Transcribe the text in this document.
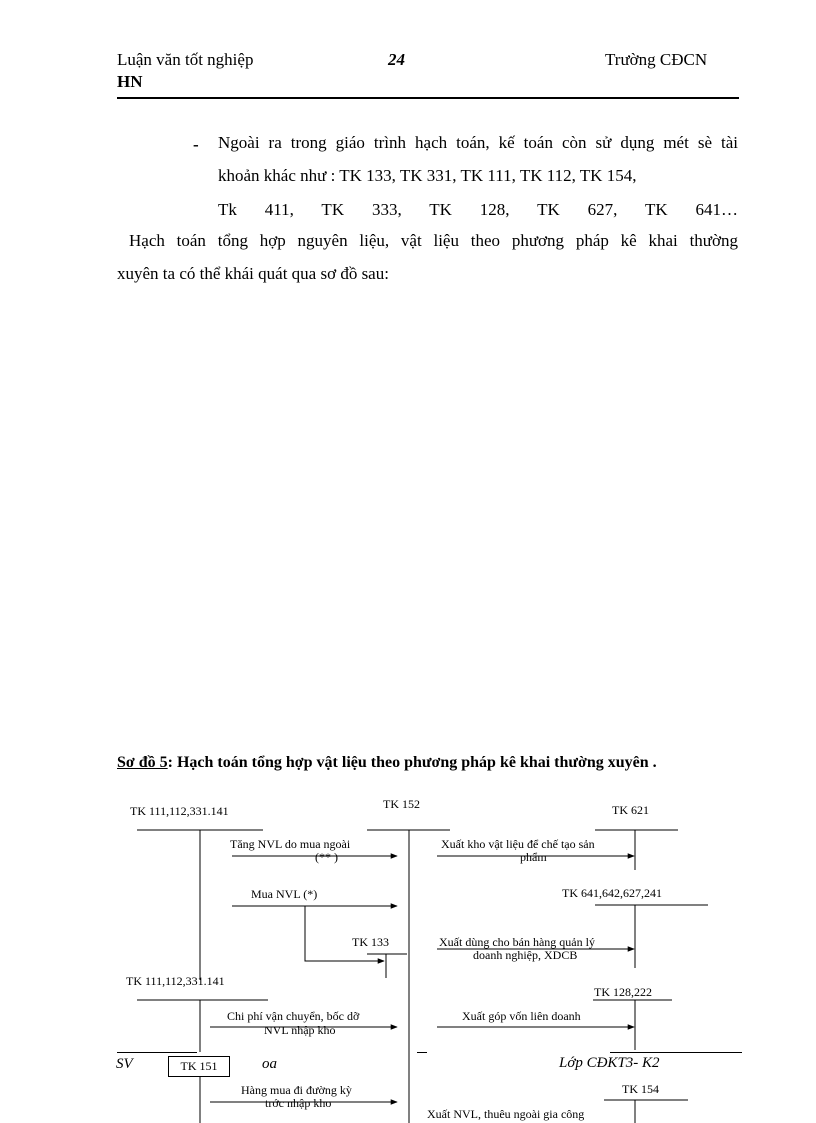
Luận văn tốt nghiệp
HN
24	Trường CĐCN
- Ngoài ra trong giáo trình hạch toán, kế toán còn sử dụng mét sè tài
khoản khác như : TK 133, TK 331, TK 111, TK 112, TK 154,
Tk 411, TK 333, TK 128, TK 627, TK 641…
Hạch toán tổng hợp nguyên liệu, vật liệu theo phương pháp kê khai thường
xuyên ta có thể khái quát qua sơ đồ sau:
Sơ đồ 5: Hạch toán tổng hợp vật liệu theo phương pháp kê khai thường xuyên .
TK 111,112,331.141	TK 152	TK 621
TK 641,642,627,241
TK 133
TK 111,112,331.141
TK 128,222
TK 154
Tăng NVL do mua ngoài
(** )
Xuất kho vật liệu để chế tạo sản
phẩm
Mua NVL (*)
Xuất dùng cho bán hàng quản lý
doanh nghiệp, XDCB
Chi phí vận chuyển, bốc dỡ
NVL nhập kho
Xuất góp vốn liên doanh
Hàng mua đi đường kỳ
trớc nhập kho
Xuất NVL, thuêu ngoài gia công
SV	TK 151	oa	Lớp CĐKT3- K2
